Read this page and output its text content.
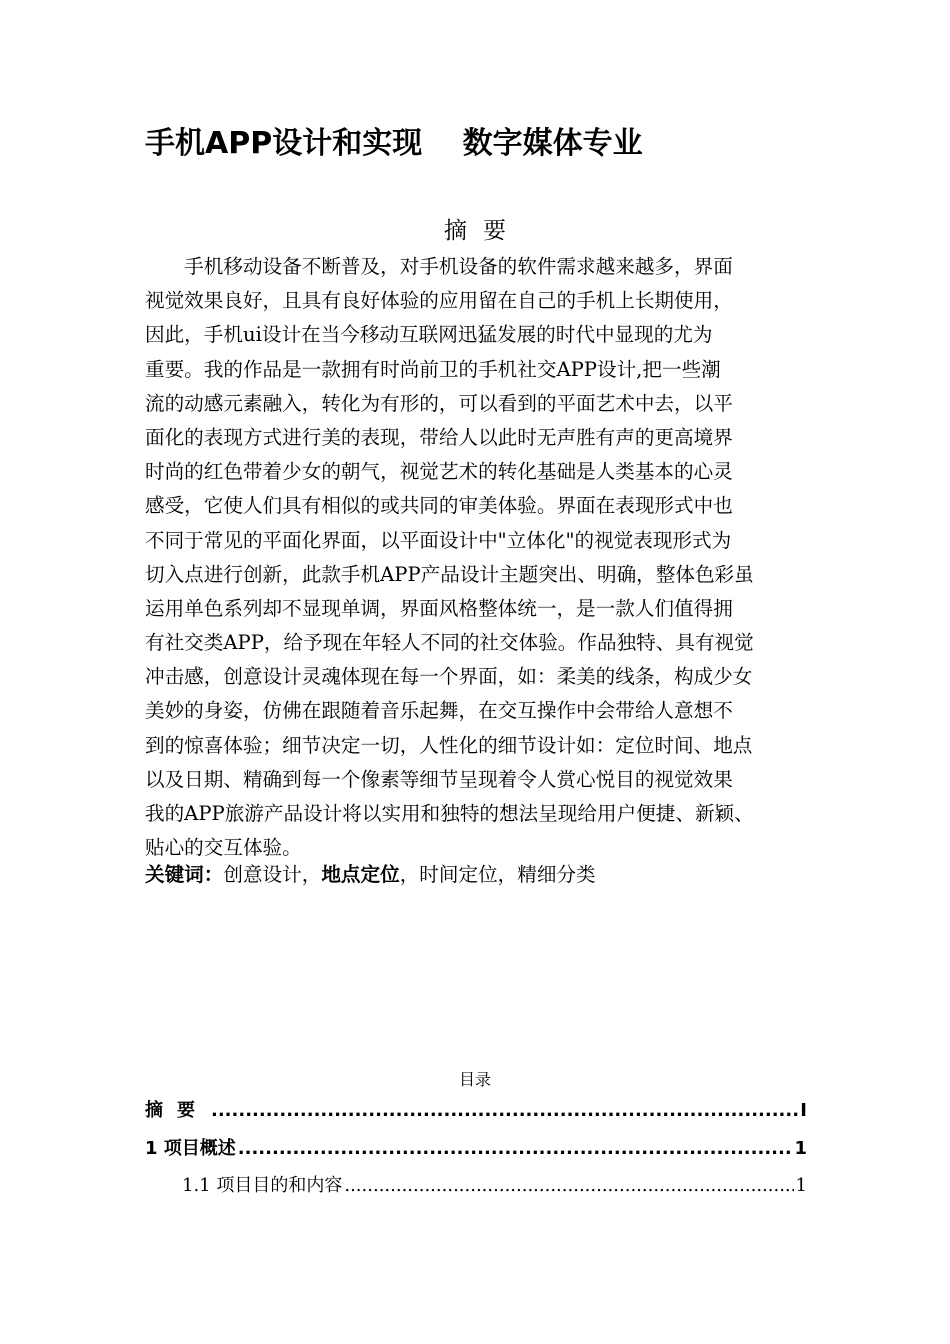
手机APP设计和实现　 数字媒体专业
摘要
　　手机移动设备不断普及，对手机设备的软件需求越来越多，界面
视觉效果良好，且具有良好体验的应用留在自己的手机上长期使用，
因此，手机ui设计在当今移动互联网迅猛发展的时代中显现的尤为
重要。我的作品是一款拥有时尚前卫的手机社交APP设计,把一些潮
流的动感元素融入，转化为有形的，可以看到的平面艺术中去，以平
面化的表现方式进行美的表现，带给人以此时无声胜有声的更高境界
时尚的红色带着少女的朝气，视觉艺术的转化基础是人类基本的心灵
感受，它使人们具有相似的或共同的审美体验。界面在表现形式中也
不同于常见的平面化界面，以平面设计中"立体化"的视觉表现形式为
切入点进行创新，此款手机APP产品设计主题突出、明确，整体色彩虽
运用单色系列却不显现单调，界面风格整体统一，是一款人们值得拥
有社交类APP，给予现在年轻人不同的社交体验。作品独特、具有视觉
冲击感，创意设计灵魂体现在每一个界面，如：柔美的线条，构成少女
美妙的身姿，仿佛在跟随着音乐起舞，在交互操作中会带给人意想不
到的惊喜体验；细节决定一切，人性化的细节设计如：定位时间、地点
以及日期、精确到每一个像素等细节呈现着令人赏心悦目的视觉效果
我的APP旅游产品设计将以实用和独特的想法呈现给用户便捷、新颖、
贴心的交互体验。
关键词：创意设计，地点定位，时间定位，精细分类
目录
摘要 .....	I
1 项目概述 .....	1
1.1 项目目的和内容 .....	1
